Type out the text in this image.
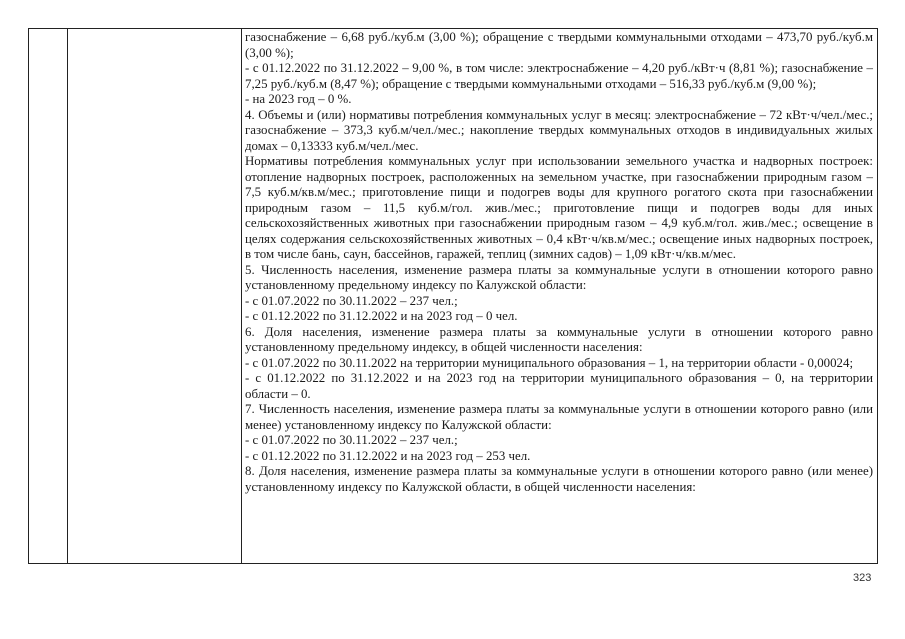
газоснабжение – 6,68 руб./куб.м (3,00 %); обращение с твердыми коммунальными отходами – 473,70 руб./куб.м (3,00 %);

- с 01.12.2022 по 31.12.2022 – 9,00 %, в том числе: электроснабжение – 4,20 руб./кВт·ч (8,81 %); газоснабжение – 7,25 руб./куб.м (8,47 %); обращение с твердыми коммунальными отходами – 516,33 руб./куб.м (9,00 %);

- на 2023 год – 0 %.

4. Объемы и (или) нормативы потребления коммунальных услуг в месяц: электроснабжение – 72 кВт·ч/чел./мес.; газоснабжение – 373,3 куб.м/чел./мес.; накопление твердых коммунальных отходов в индивидуальных жилых домах – 0,13333 куб.м/чел./мес.

Нормативы потребления коммунальных услуг при использовании земельного участка и надворных построек: отопление надворных построек, расположенных на земельном участке, при газоснабжении природным газом – 7,5 куб.м/кв.м/мес.; приготовление пищи и подогрев воды для крупного рогатого скота при газоснабжении природным газом – 11,5 куб.м/гол. жив./мес.; приготовление пищи и подогрев воды для иных сельскохозяйственных животных при газоснабжении природным газом – 4,9 куб.м/гол. жив./мес.; освещение в целях содержания сельскохозяйственных животных – 0,4 кВт·ч/кв.м/мес.; освещение иных надворных построек, в том числе бань, саун, бассейнов, гаражей, теплиц (зимних садов) – 1,09 кВт·ч/кв.м/мес.

5. Численность населения, изменение размера платы за коммунальные услуги в отношении которого равно установленному предельному индексу по Калужской области:

- с 01.07.2022 по 30.11.2022 – 237 чел.;

- с 01.12.2022 по 31.12.2022 и на 2023 год – 0 чел.

6. Доля населения, изменение размера платы за коммунальные услуги в отношении которого равно установленному предельному индексу, в общей численности населения:

- с 01.07.2022 по 30.11.2022 на территории муниципального образования – 1, на территории области - 0,00024;

- с 01.12.2022 по 31.12.2022 и на 2023 год на территории муниципального образования – 0, на территории области – 0.

7. Численность населения, изменение размера платы за коммунальные услуги в отношении которого равно (или менее) установленному индексу по Калужской области:

- с 01.07.2022 по 30.11.2022 – 237 чел.;

- с 01.12.2022 по 31.12.2022 и на 2023 год – 253 чел.

8. Доля населения, изменение размера платы за коммунальные услуги в отношении которого равно (или менее) установленному индексу по Калужской области, в общей численности населения:

323
